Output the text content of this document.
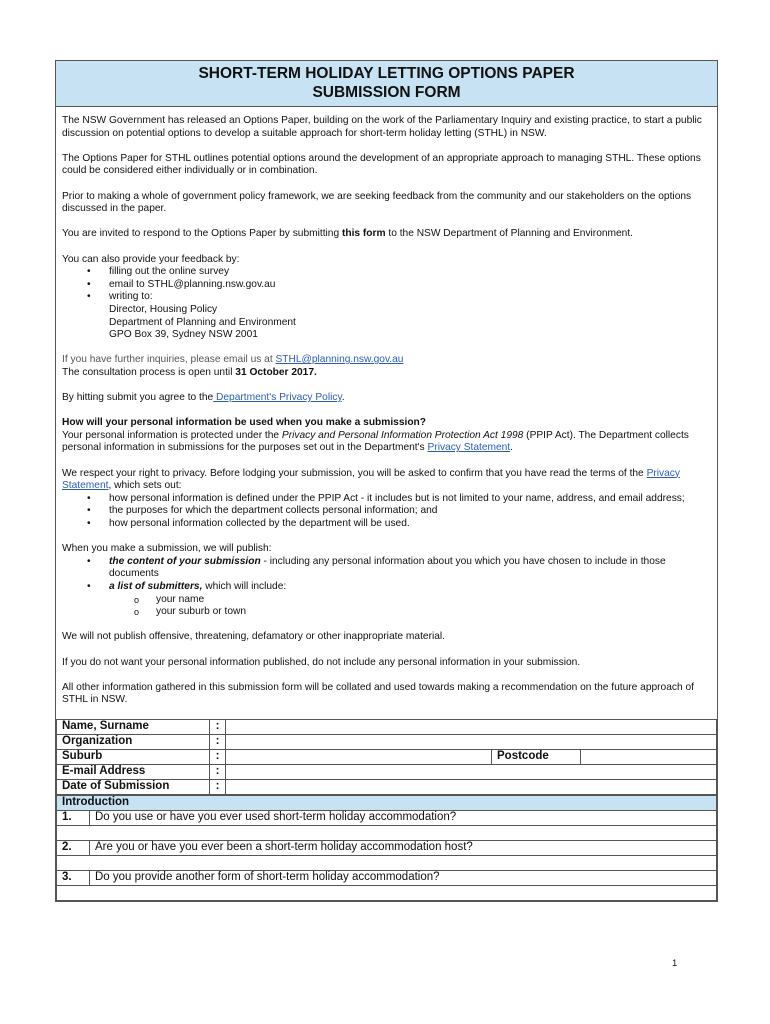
SHORT-TERM HOLIDAY LETTING OPTIONS PAPER
SUBMISSION FORM

The NSW Government has released an Options Paper, building on the work of the Parliamentary Inquiry and existing practice, to start a public discussion on potential options to develop a suitable approach for short-term holiday letting (STHL) in NSW.

The Options Paper for STHL outlines potential options around the development of an appropriate approach to managing STHL. These options could be considered either individually or in combination.

Prior to making a whole of government policy framework, we are seeking feedback from the community and our stakeholders on the options discussed in the paper.

You are invited to respond to the Options Paper by submitting this form to the NSW Department of Planning and Environment.

You can also provide your feedback by:
• filling out the online survey
• email to STHL@planning.nsw.gov.au
• writing to:
Director, Housing Policy
Department of Planning and Environment
GPO Box 39, Sydney NSW 2001
If you have further inquiries, please email us at STHL@planning.nsw.gov.au

The consultation process is open until 31 October 2017.

By hitting submit you agree to the Department's Privacy Policy.

How will your personal information be used when you make a submission?

Your personal information is protected under the Privacy and Personal Information Protection Act 1998 (PPIP Act). The Department collects personal information in submissions for the purposes set out in the Department's Privacy Statement.

We respect your right to privacy. Before lodging your submission, you will be asked to confirm that you have read the terms of the Privacy Statement, which sets out:
• how personal information is defined under the PPIP Act - it includes but is not limited to your name, address, and email address;
• the purposes for which the department collects personal information; and
• how personal information collected by the department will be used.
When you make a submission, we will publish:
• the content of your submission - including any personal information about you which you have chosen to include in those documents
• a list of submitters, which will include:
o your name
o your suburb or town

We will not publish offensive, threatening, defamatory or other inappropriate material.

If you do not want your personal information published, do not include any personal information in your submission.

All other information gathered in this submission form will be collated and used towards making a recommendation on the future approach of STHL in NSW.
Name, Surname	:			
Organization	:			
Suburb	:		Postcode	
E-mail Address	:			
Date of Submission	:			
Introduction	
1.	Do you use or have you ever used short-term holiday accommodation?

2.	Are you or have you ever been a short-term holiday accommodation host?

3.	Do you provide another form of short-term holiday accommodation?

1
